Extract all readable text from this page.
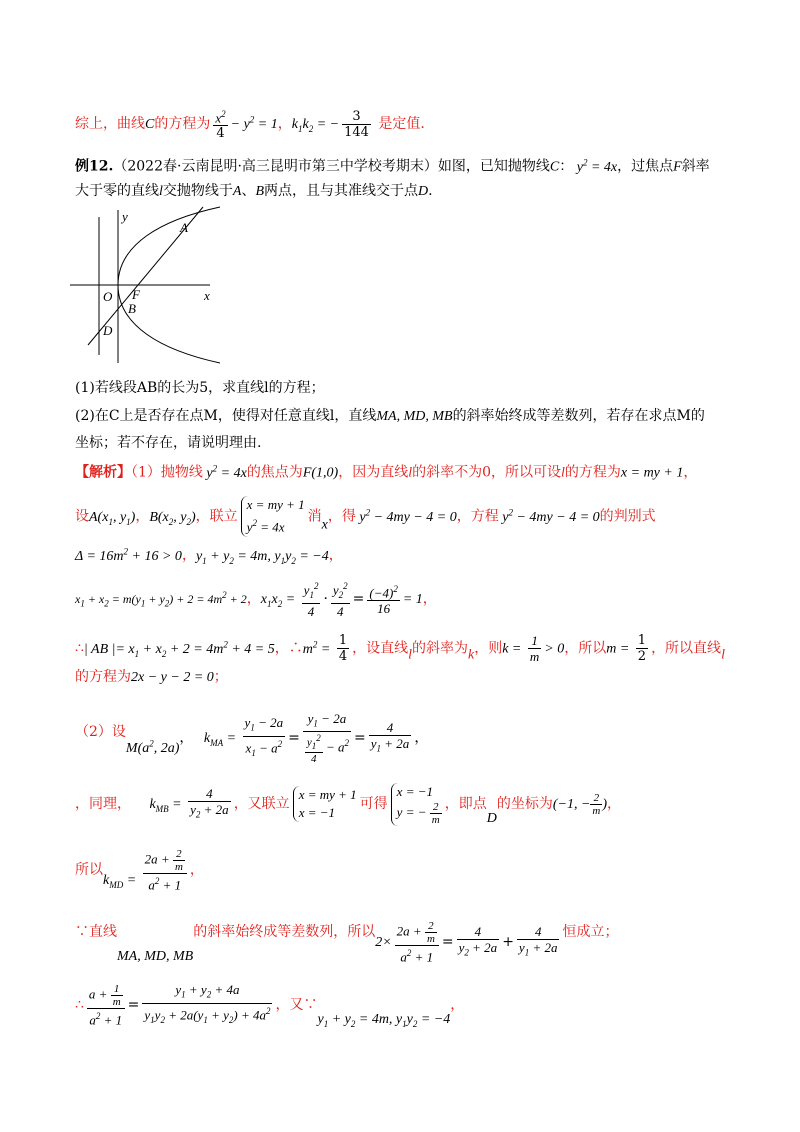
综上，曲线C的方程为 $\frac{x^2}{4} - y^2 = 1$，$k_1k_2$ = − $\frac{3}{144}$ 是定值.
例12.（2022春·云南昆明·高三昆明市第三中学校考期末）如图，已知抛物线C： $y^2 = 4x$，过焦点F斜率
大于零的直线l交抛物线于A、B两点，且与其准线交于点D.
y
A
O F	x
B
D
(1)若线段AB的长为5，求直线l的方程；
(2)在C上是否存在点M，使得对任意直线l，直线MA, MD, MB的斜率始终成等差数列，若存在求点M的
坐标；若不存在，请说明理由.
【解析】（1）抛物线 $y^2 = 4x$的焦点为F(1,0)，因为直线l的斜率不为0，所以可设l的方程为x = my + 1，
设$A(x_1$, $y_1$)，$B(x_2$, $y_2$)，联立
x = my + 1
$y^2 = 4x$
消x，得 $y^2 - 4my - 4 = 0$，方程 $y^2 - 4my - 4 = 0$的判别式
$\Delta = 16m^2 + 16 > 0$，$y_1 + y_2 = 4m$, $y_1y_2 = -4$，
$x_1 + x_2 = m(y_1 + y_2) + 2 = 4m^2 + 2$，$x_1x_2 = \frac{y_1^2}{4} \cdot \frac{y_2^2}{4} = \frac{(-4)^2}{16} = 1$，
∴| AB |= $x_1 + x_2 + 2 = 4m^2 + 4 = 5$，$\therefore m^2 = \frac{1}{4}$ ，设直线l的斜率为k，则$k = \frac{1}{m} > 0$，所以$m = \frac{1}{2}$ ，所以直线l
的方程为2x − y − 2 = 0；
（2）设$M(a^2$, 2a)， $k_{MA} = \frac{y_1 - 2a}{x_1 - a^2} = \frac{y_1 - 2a}{\frac{y_1^2}{4} - a^2} = \frac{4}{y_1 + 2a}$ ，
，同理， $k_{MB} = \frac{4}{y_2 + 2a}$ ，又联立
x = my + 1
x = −1
可得
x = −1
y = − $\frac{2}{m}$ ，即点D的坐标为(−1, − $\frac{2}{m}$ )，
所以$k_{MD} = \frac{2a + \frac{2}{m}}{a^2 + 1}$ ，
∵直线MA, MD, MB的斜率始终成等差数列，所以$2\times \frac{2a + \frac{2}{m}}{a^2 + 1} = \frac{4}{y_2 + 2a} + \frac{4}{y_1 + 2a}$ 恒成立；
∴ $\frac{a + \frac{1}{m}}{a^2 + 1} = \frac{y_1 + y_2 + 4a}{y_1y_2 + 2a(y_1 + y_2) + 4a^2}$ ，又$\because y_1 + y_2 = 4m$, $y_1y_2 = -4$，
